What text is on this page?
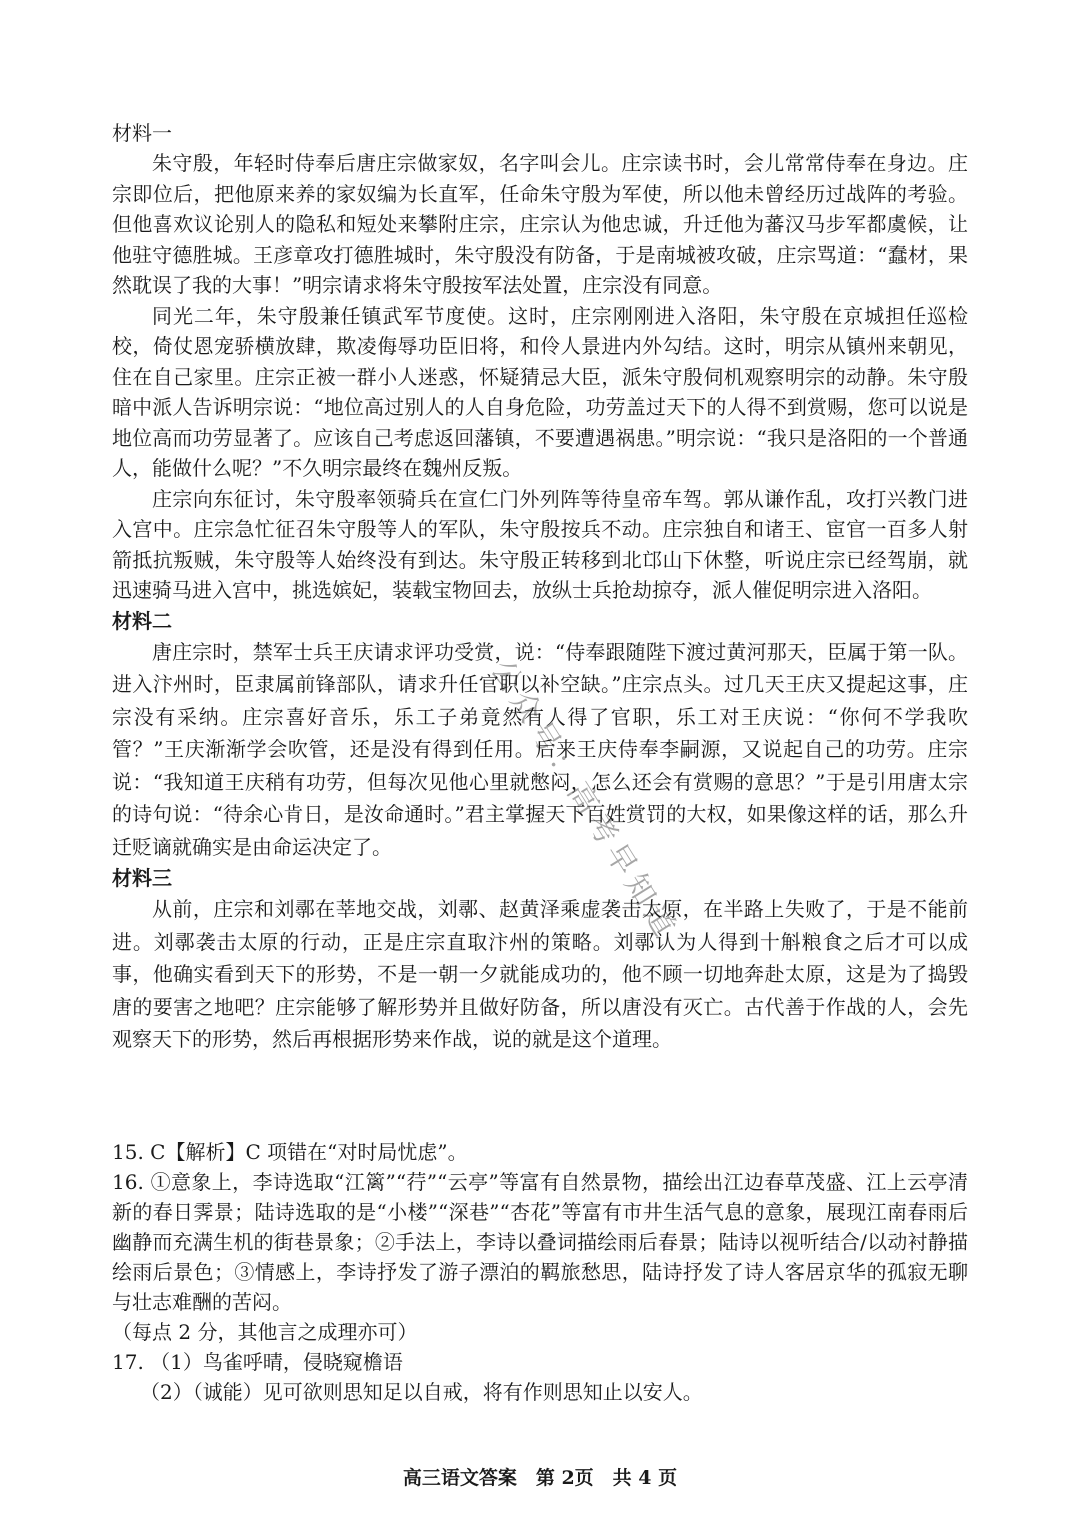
材料一

朱守殷，年轻时侍奉后唐庄宗做家奴，名字叫会儿。庄宗读书时，会儿常常侍奉在身边。庄宗即位后，把他原来养的家奴编为长直军，任命朱守殷为军使，所以他未曾经历过战阵的考验。但他喜欢议论别人的隐私和短处来攀附庄宗，庄宗认为他忠诚，升迁他为蕃汉马步军都虞候，让他驻守德胜城。王彦章攻打德胜城时，朱守殷没有防备，于是南城被攻破，庄宗骂道：“蠢材，果然耽误了我的大事！”明宗请求将朱守殷按军法处置，庄宗没有同意。

同光二年，朱守殷兼任镇武军节度使。这时，庄宗刚刚进入洛阳，朱守殷在京城担任巡检校，倚仗恩宠骄横放肆，欺凌侮辱功臣旧将，和伶人景进内外勾结。这时，明宗从镇州来朝见，住在自己家里。庄宗正被一群小人迷惑，怀疑猜忌大臣，派朱守殷伺机观察明宗的动静。朱守殷暗中派人告诉明宗说：“地位高过别人的人自身危险，功劳盖过天下的人得不到赏赐，您可以说是地位高而功劳显著了。应该自己考虑返回藩镇，不要遭遇祸患。”明宗说：“我只是洛阳的一个普通人，能做什么呢？”不久明宗最终在魏州反叛。

庄宗向东征讨，朱守殷率领骑兵在宣仁门外列阵等待皇帝车驾。郭从谦作乱，攻打兴教门进入宫中。庄宗急忙征召朱守殷等人的军队，朱守殷按兵不动。庄宗独自和诸王、宦官一百多人射箭抵抗叛贼，朱守殷等人始终没有到达。朱守殷正转移到北邙山下休整，听说庄宗已经驾崩，就迅速骑马进入宫中，挑选嫔妃，装载宝物回去，放纵士兵抢劫掠夺，派人催促明宗进入洛阳。

材料二

唐庄宗时，禁军士兵王庆请求评功受赏，说：“侍奉跟随陛下渡过黄河那天，臣属于第一队。进入汴州时，臣隶属前锋部队，请求升任官职以补空缺。”庄宗点头。过几天王庆又提起这事，庄宗没有采纳。庄宗喜好音乐，乐工子弟竟然有人得了官职，乐工对王庆说：“你何不学我吹管？”王庆渐渐学会吹管，还是没有得到任用。后来王庆侍奉李嗣源，又说起自己的功劳。庄宗说：“我知道王庆稍有功劳，但每次见他心里就憋闷，怎么还会有赏赐的意思？”于是引用唐太宗的诗句说：“待余心肯日，是汝命通时。”君主掌握天下百姓赏罚的大权，如果像这样的话，那么升迁贬谪就确实是由命运决定了。

材料三

从前，庄宗和刘鄩在莘地交战，刘鄩、赵黄泽乘虚袭击太原，在半路上失败了，于是不能前进。刘鄩袭击太原的行动，正是庄宗直取汴州的策略。刘鄩认为人得到十斛粮食之后才可以成事，他确实看到天下的形势，不是一朝一夕就能成功的，他不顾一切地奔赴太原，这是为了捣毁唐的要害之地吧？庄宗能够了解形势并且做好防备，所以唐没有灭亡。古代善于作战的人，会先观察天下的形势，然后再根据形势来作战，说的就是这个道理。

15. C【解析】C 项错在“对时局忧虑”。

16. ①意象上，李诗选取“江篱”“荇”“云亭”等富有自然景物，描绘出江边春草茂盛、江上云亭清新的春日霁景；陆诗选取的是“小楼”“深巷”“杏花”等富有市井生活气息的意象，展现江南春雨后幽静而充满生机的街巷景象；②手法上，李诗以叠词描绘雨后春景；陆诗以视听结合/以动衬静描绘雨后景色；③情感上，李诗抒发了游子漂泊的羁旅愁思，陆诗抒发了诗人客居京华的孤寂无聊与壮志难酬的苦闷。

（每点 2 分，其他言之成理亦可）

17. （1）鸟雀呼晴，侵晓窥檐语

（2）（诚能）见可欲则思知足以自戒，将有作则思知止以安人。

公众号：高考早知道
高三语文答案　第 2页　共 4 页
